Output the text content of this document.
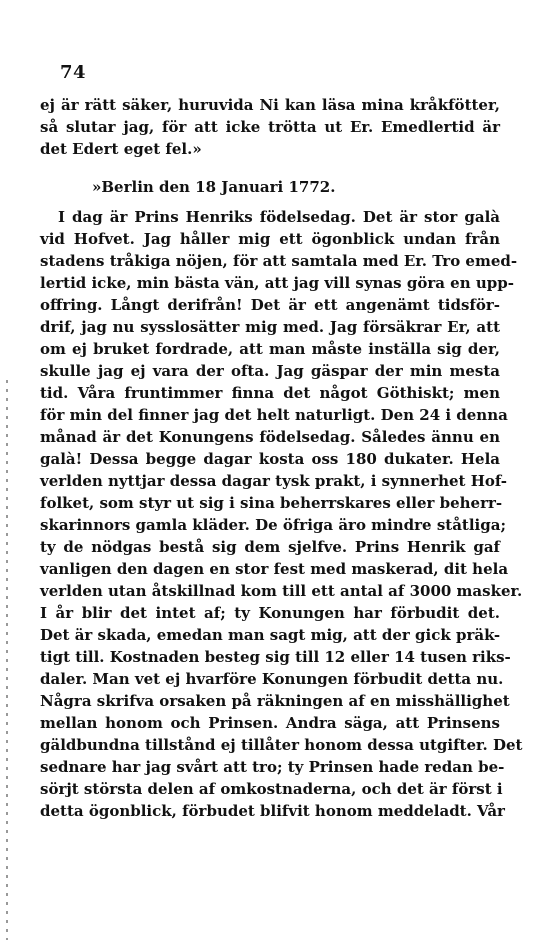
74
ej är rätt säker, huruvida Ni kan läsa mina kråkfötter,
så slutar jag, för att icke trötta ut Er. Emedlertid är
det Edert eget fel.»
»Berlin den 18 Januari 1772.
I dag är Prins Henriks födelsedag. Det är stor galà
vid Hofvet. Jag håller mig ett ögonblick undan från
stadens tråkiga nöjen, för att samtala med Er. Tro emed-
lertid icke, min bästa vän, att jag vill synas göra en upp-
offring. Långt derifrån! Det är ett angenämt tidsför-
drif, jag nu sysslosätter mig med. Jag försäkrar Er, att
om ej bruket fordrade, att man måste inställa sig der,
skulle jag ej vara der ofta. Jag gäspar der min mesta
tid. Våra fruntimmer finna det något Göthiskt; men
för min del finner jag det helt naturligt. Den 24 i denna
månad är det Konungens födelsedag. Således ännu en
galà! Dessa begge dagar kosta oss 180 dukater. Hela
verlden nyttjar dessa dagar tysk prakt, i synnerhet Hof-
folket, som styr ut sig i sina beherrskares eller beherr-
skarinnors gamla kläder. De öfriga äro mindre ståtliga;
ty de nödgas bestå sig dem sjelfve. Prins Henrik gaf
vanligen den dagen en stor fest med maskerad, dit hela
verlden utan åtskillnad kom till ett antal af 3000 masker.
I år blir det intet af; ty Konungen har förbudit det.
Det är skada, emedan man sagt mig, att der gick präk-
tigt till. Kostnaden besteg sig till 12 eller 14 tusen riks-
daler. Man vet ej hvarföre Konungen förbudit detta nu.
Några skrifva orsaken på räkningen af en misshällighet
mellan honom och Prinsen. Andra säga, att Prinsens
gäldbundna tillstånd ej tillåter honom dessa utgifter. Det
sednare har jag svårt att tro; ty Prinsen hade redan be-
sörjt största delen af omkostnaderna, och det är först i
detta ögonblick, förbudet blifvit honom meddeladt. Vår
